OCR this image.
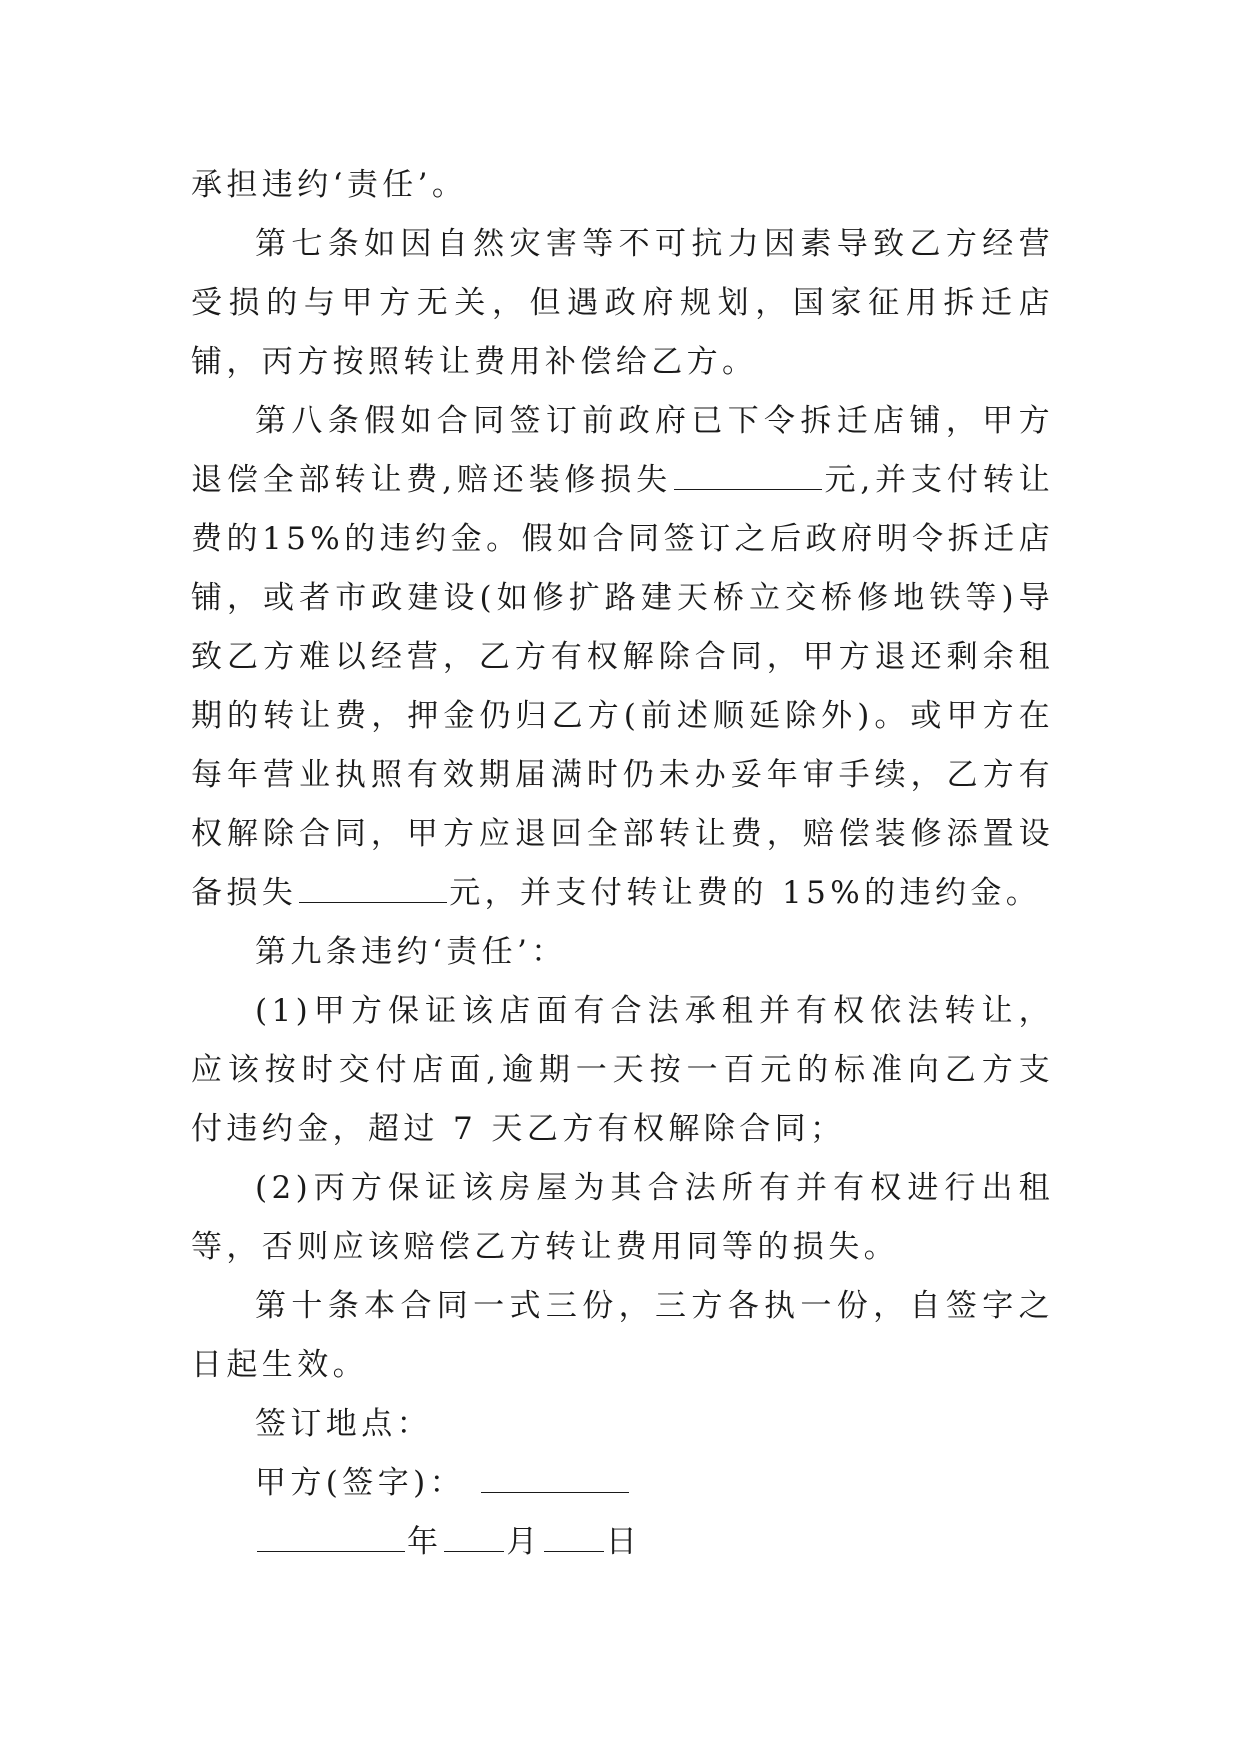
承担违约‘责任’。

第七条如因自然灾害等不可抗力因素导致乙方经营受损的与甲方无关，但遇政府规划，国家征用拆迁店铺，丙方按照转让费用补偿给乙方。

第八条假如合同签订前政府已下令拆迁店铺，甲方退偿全部转让费,赔还装修损失	元,并支付转让费的15%的违约金。假如合同签订之后政府明令拆迁店铺，或者市政建设(如修扩路建天桥立交桥修地铁等)导致乙方难以经营，乙方有权解除合同，甲方退还剩余租期的转让费，押金仍归乙方(前述顺延除外)。或甲方在每年营业执照有效期届满时仍未办妥年审手续，乙方有权解除合同，甲方应退回全部转让费，赔偿装修添置设备损失	元，并支付转让费的 15%的违约金。

第九条违约‘责任’：

(1)甲方保证该店面有合法承租并有权依法转让，应该按时交付店面,逾期一天按一百元的标准向乙方支付违约金，超过 7 天乙方有权解除合同；

(2)丙方保证该房屋为其合法所有并有权进行出租等，否则应该赔偿乙方转让费用同等的损失。

第十条本合同一式三份，三方各执一份，自签字之日起生效。

签订地点：

甲方(签字)：

年 月 日
